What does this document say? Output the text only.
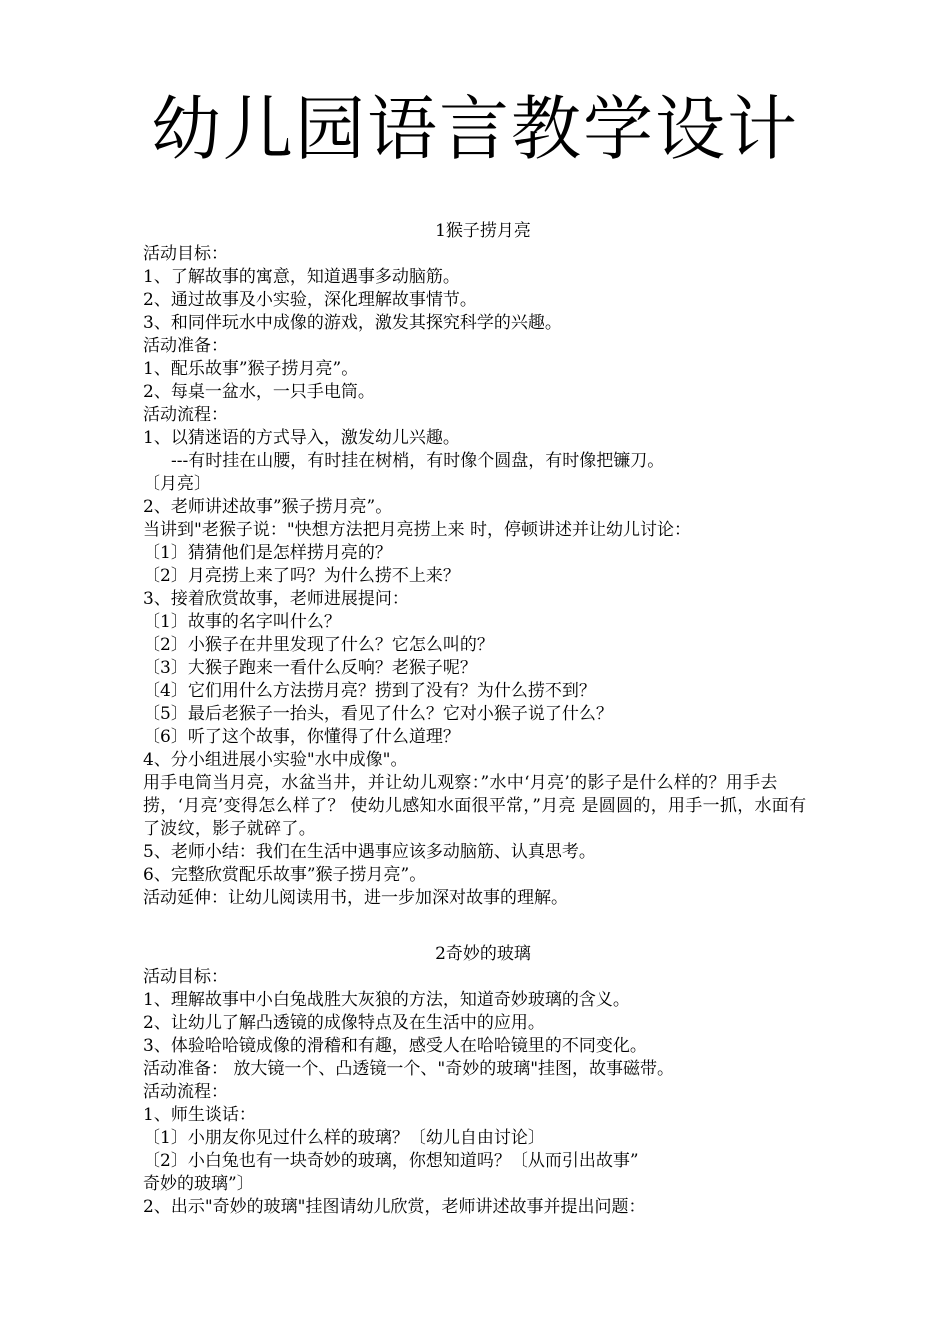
幼儿园语言教学设计

1猴子捞月亮

活动目标：

1、了解故事的寓意，知道遇事多动脑筋。

2、通过故事及小实验，深化理解故事情节。

3、和同伴玩水中成像的游戏，激发其探究科学的兴趣。

活动准备：

1、配乐故事”猴子捞月亮”。

2、每桌一盆水，一只手电筒。

活动流程：

1、以猜迷语的方式导入，激发幼儿兴趣。

---有时挂在山腰，有时挂在树梢，有时像个圆盘，有时像把镰刀。

〔月亮〕

2、老师讲述故事”猴子捞月亮”。

当讲到"老猴子说："快想方法把月亮捞上来 时，停顿讲述并让幼儿讨论：

〔1〕猜猜他们是怎样捞月亮的？

〔2〕月亮捞上来了吗？为什么捞不上来？

3、接着欣赏故事，老师进展提问：

〔1〕故事的名字叫什么？

〔2〕小猴子在井里发现了什么？它怎么叫的？

〔3〕大猴子跑来一看什么反响？老猴子呢？

〔4〕它们用什么方法捞月亮？捞到了没有？为什么捞不到？

〔5〕最后老猴子一抬头，看见了什么？它对小猴子说了什么？

〔6〕听了这个故事，你懂得了什么道理？

4、分小组进展小实验"水中成像"。

用手电筒当月亮，水盆当井，并让幼儿观察：”水中‘月亮’的影子是什么样的？用手去捞，‘月亮’变得怎么样了？ 使幼儿感知水面很平常，”月亮 是圆圆的，用手一抓，水面有了波纹，影子就碎了。

5、老师小结：我们在生活中遇事应该多动脑筋、认真思考。

6、完整欣赏配乐故事”猴子捞月亮”。

活动延伸：让幼儿阅读用书，进一步加深对故事的理解。

2奇妙的玻璃

活动目标：

1、理解故事中小白兔战胜大灰狼的方法，知道奇妙玻璃的含义。

2、让幼儿了解凸透镜的成像特点及在生活中的应用。

3、体验哈哈镜成像的滑稽和有趣，感受人在哈哈镜里的不同变化。

活动准备： 放大镜一个、凸透镜一个、"奇妙的玻璃"挂图，故事磁带。

活动流程：

1、师生谈话：

〔1〕小朋友你见过什么样的玻璃？〔幼儿自由讨论〕

〔2〕小白兔也有一块奇妙的玻璃，你想知道吗？〔从而引出故事”

奇妙的玻璃”〕

2、出示"奇妙的玻璃"挂图请幼儿欣赏，老师讲述故事并提出问题：
